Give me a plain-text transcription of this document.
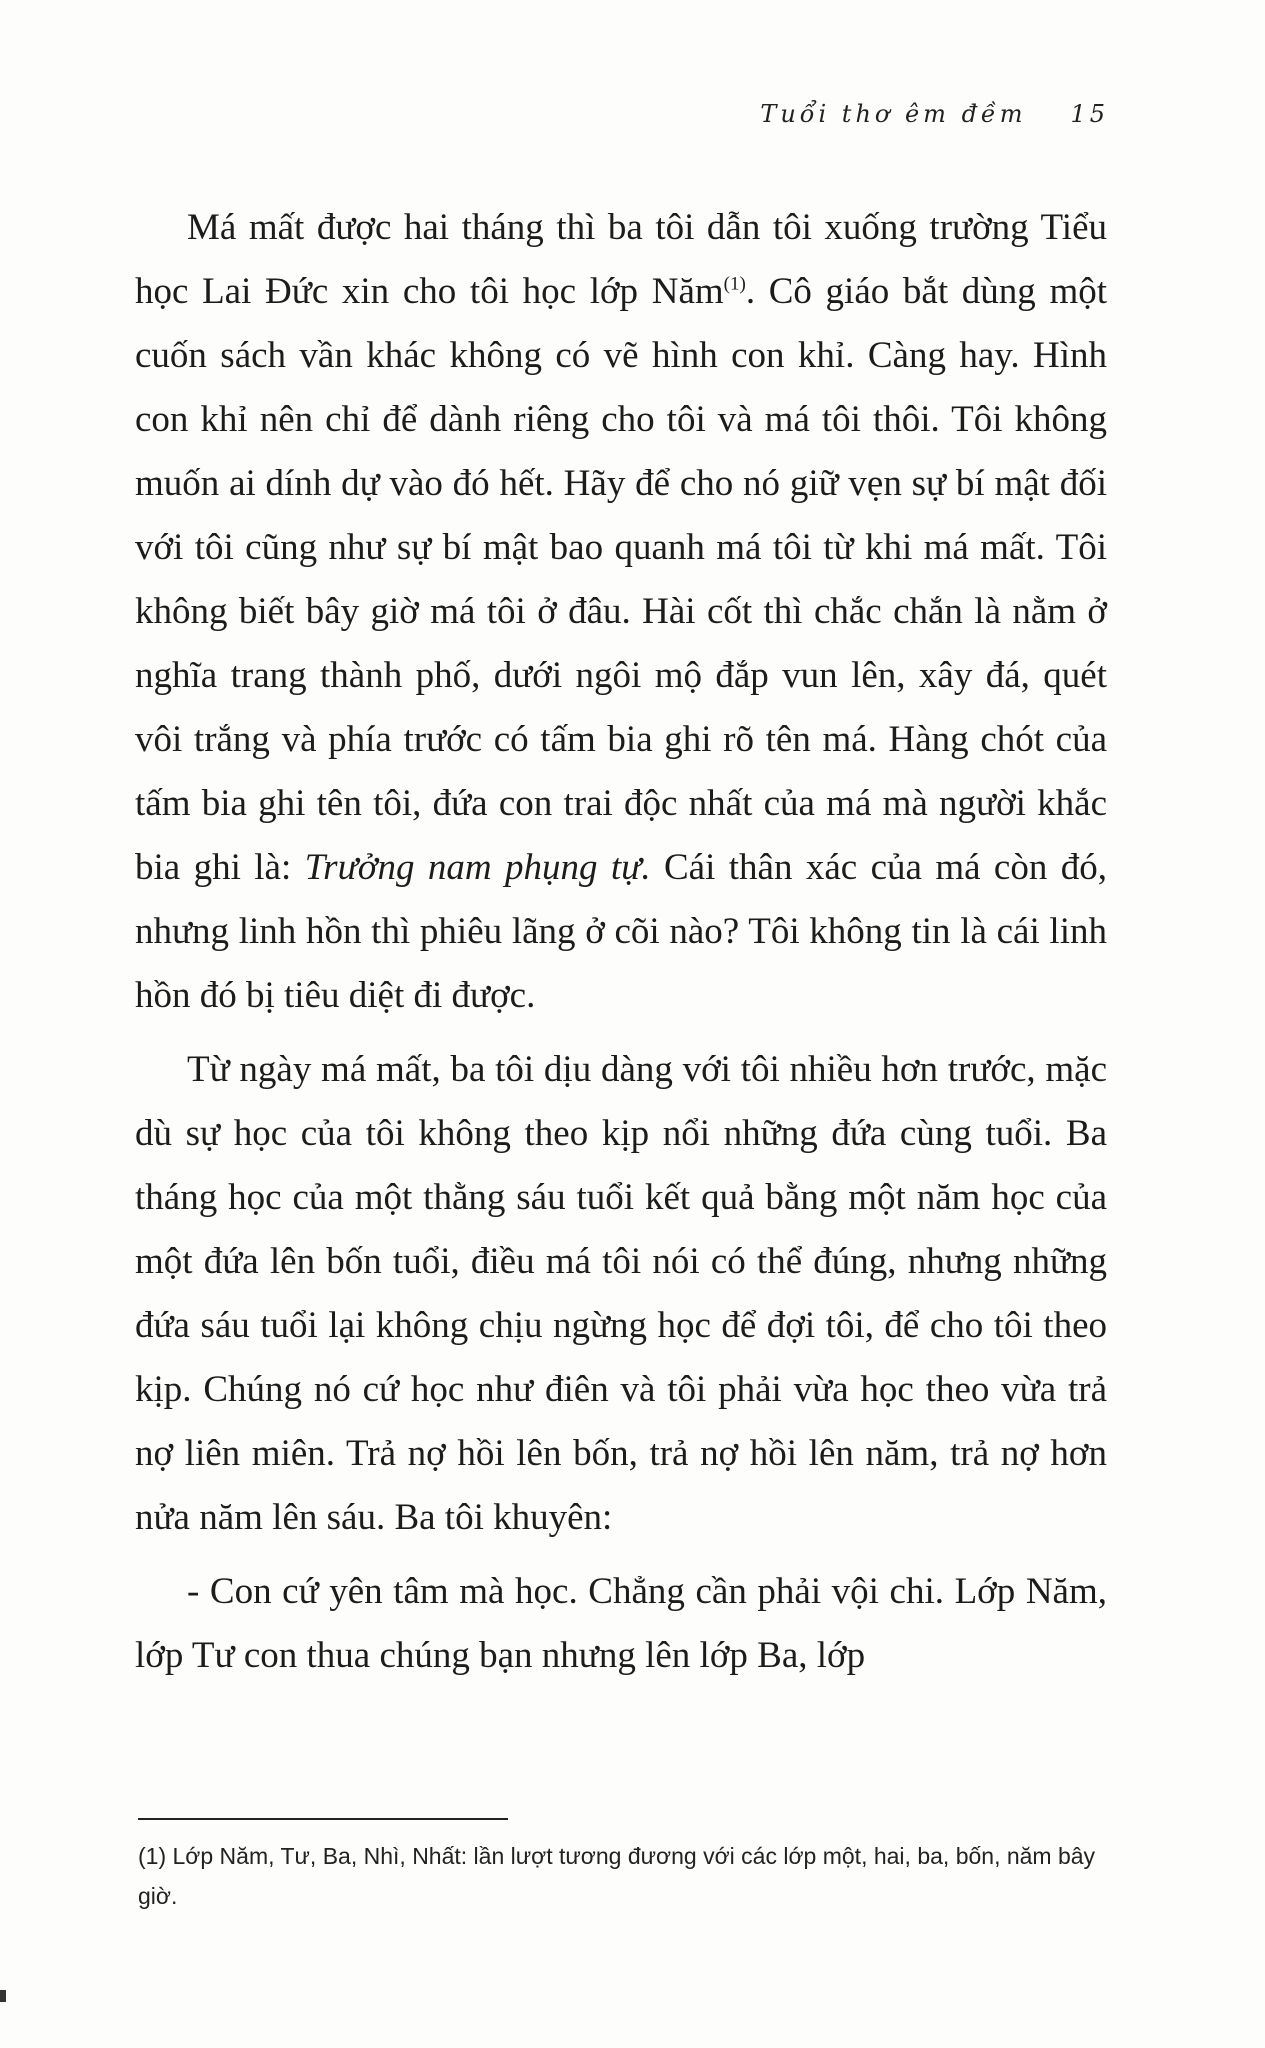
Tuổi thơ êm đềm 15

Má mất được hai tháng thì ba tôi dẫn tôi xuống trường Tiểu học Lai Đức xin cho tôi học lớp Năm$^{(1)}$. Cô giáo bắt dùng một cuốn sách vần khác không có vẽ hình con khỉ. Càng hay. Hình con khỉ nên chỉ để dành riêng cho tôi và má tôi thôi. Tôi không muốn ai dính dự vào đó hết. Hãy để cho nó giữ vẹn sự bí mật đối với tôi cũng như sự bí mật bao quanh má tôi từ khi má mất. Tôi không biết bây giờ má tôi ở đâu. Hài cốt thì chắc chắn là nằm ở nghĩa trang thành phố, dưới ngôi mộ đắp vun lên, xây đá, quét vôi trắng và phía trước có tấm bia ghi rõ tên má. Hàng chót của tấm bia ghi tên tôi, đứa con trai độc nhất của má mà người khắc bia ghi là: Trưởng nam phụng tự. Cái thân xác của má còn đó, nhưng linh hồn thì phiêu lãng ở cõi nào? Tôi không tin là cái linh hồn đó bị tiêu diệt đi được.

Từ ngày má mất, ba tôi dịu dàng với tôi nhiều hơn trước, mặc dù sự học của tôi không theo kịp nổi những đứa cùng tuổi. Ba tháng học của một thằng sáu tuổi kết quả bằng một năm học của một đứa lên bốn tuổi, điều má tôi nói có thể đúng, nhưng những đứa sáu tuổi lại không chịu ngừng học để đợi tôi, để cho tôi theo kịp. Chúng nó cứ học như điên và tôi phải vừa học theo vừa trả nợ liên miên. Trả nợ hồi lên bốn, trả nợ hồi lên năm, trả nợ hơn nửa năm lên sáu. Ba tôi khuyên:

- Con cứ yên tâm mà học. Chẳng cần phải vội chi. Lớp Năm, lớp Tư con thua chúng bạn nhưng lên lớp Ba, lớp

(1) Lớp Năm, Tư, Ba, Nhì, Nhất: lần lượt tương đương với các lớp một, hai, ba, bốn, năm bây giờ.
